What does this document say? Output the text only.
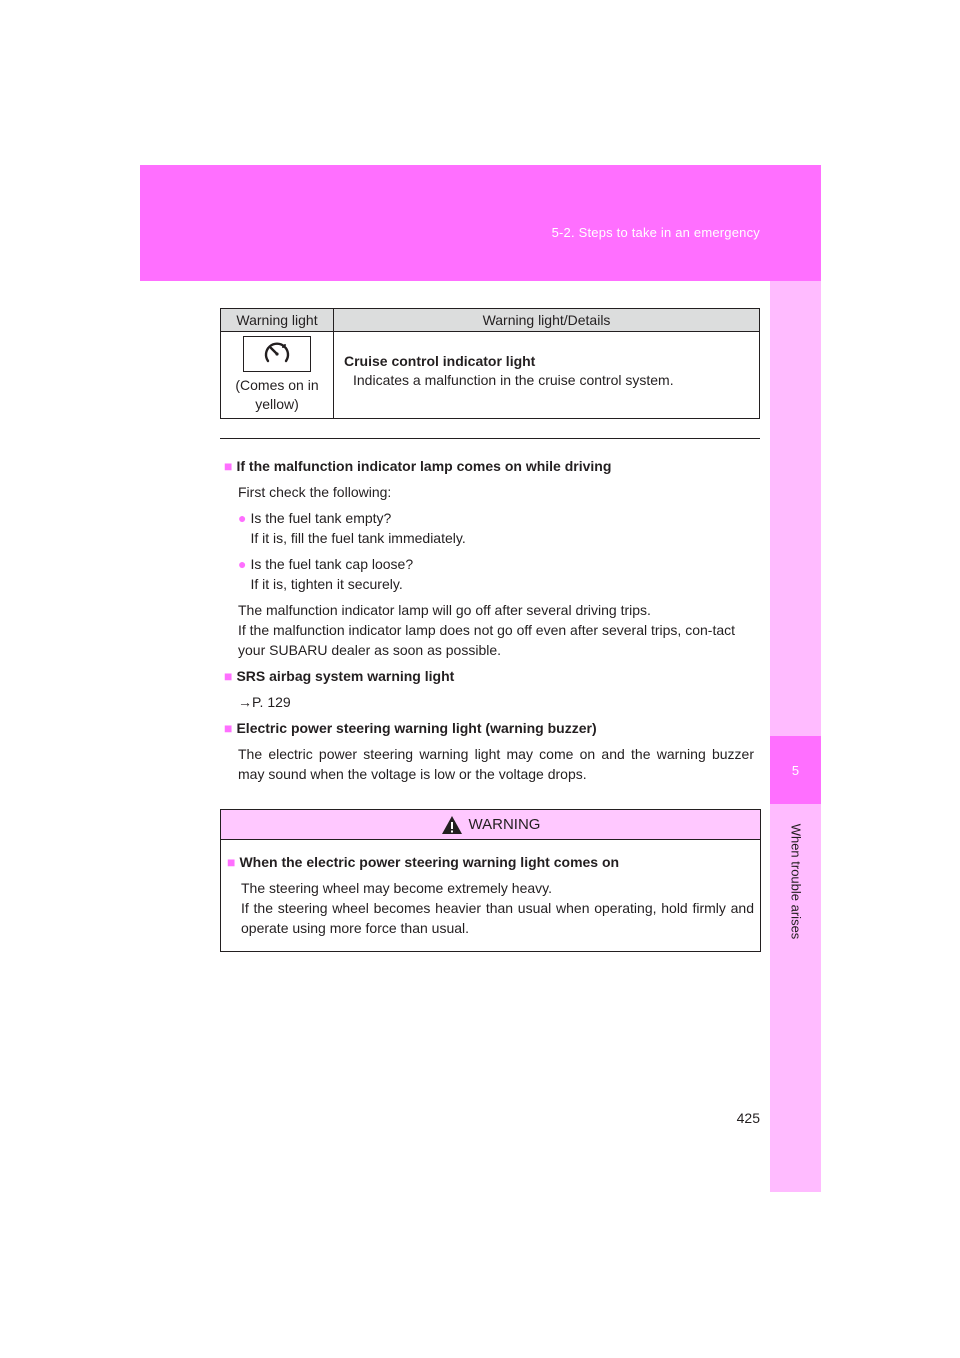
5-2. Steps to take in an emergency
5
When trouble arises
Warning light	Warning light/Details

(Comes on in yellow)	Cruise control indicator light
Indicates a malfunction in the cruise control system.

■ If the malfunction indicator lamp comes on while driving

First check the following:

● Is the fuel tank empty?
If it is, fill the fuel tank immediately.
● Is the fuel tank cap loose?
If it is, tighten it securely.

The malfunction indicator lamp will go off after several driving trips.

If the malfunction indicator lamp does not go off even after several trips, con-tact your SUBARU dealer as soon as possible.

■ SRS airbag system warning light

→P. 129

■ Electric power steering warning light (warning buzzer)

The electric power steering warning light may come on and the warning buzzer may sound when the voltage is low or the voltage drops.

WARNING

■ When the electric power steering warning light comes on

The steering wheel may become extremely heavy.

If the steering wheel becomes heavier than usual when operating, hold firmly and operate using more force than usual.

425
